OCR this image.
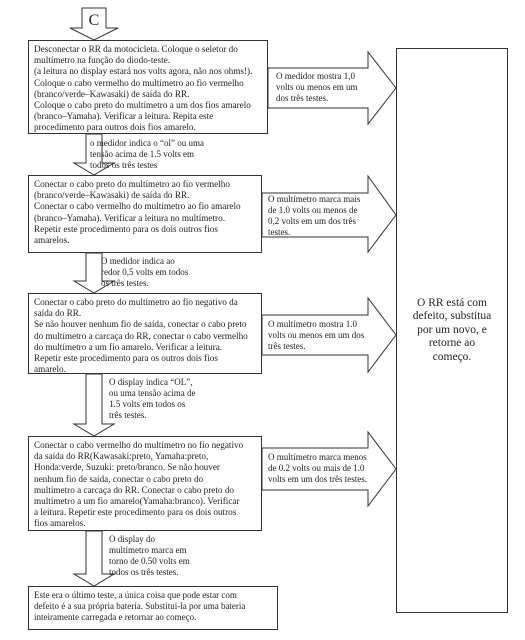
C
Desconectar o RR da motocicleta. Coloque o seletor do
multímetro na função do diodo-teste.
(a leitura no display estará nos volts agora, não nos ohms!).
Coloque o cabo vermelho do multímetro ao fio vermelho
(branco/verde–Kawasaki) de saída do RR.
Coloque o cabo preto do multímetro a um dos fios amarelo
(branco–Yamaha). Verificar a leitura. Repita este
procedimento para outros dois fios amarelo.
Conectar o cabo preto do multímetro ao fio vermelho
(branco/verde–Kawasaki) de saída do RR.
Conectar o cabo vermelho do multímetro ao fio amarelo
(branco–Yamaha). Verificar a leitura no multímetro.
Repetir este procedimento para os dois outros fios
amarelos.
Conectar o cabo preto do multímetro ao fio negativo da
saída do RR.
Se não houver nenhum fio de saída, conectar o cabo preto
do multímetro a carcaça do RR, conectar o cabo vermelho
do multímetro a um fio amarelo. Verificar a leitura.
Repetir este procedimento para os outros dois fios
amarelo.
Conectar o cabo vermelho do multímetro no fio negativo
da saída do RR(Kawasaki:preto, Yamaha:preto,
Honda:verde, Suzuki: preto/branco. Se não houver
nenhum fio de saída, conectar o cabo preto do
multímetro a carcaça do RR. Conectar o cabo preto do
multímetro a um fio amarelo(Yamaha:branco). Verificar
a leitura. Repetir este procedimento para os dois outros
fios amarelos.
o medidor indica o “ol” ou uma
tensão acima de 1.5 volts em
todos os três testes
O medidor indica ao
redor 0,5 volts em todos
os três testes.
O display indica “OL”,
ou uma tensão acima de
1.5 volts em todos os
três testes.
O display do
multímetro marca em
torno de 0.50 volts em
todos os três testes.
O medidor mostra 1,0
volts ou menos em um
dos três testes.
O multímetro marca mais
de 1.0 volts ou menos de
0,2 volts em um dos três
testes.
O multímetro mostra 1.0
volts ou menos em um dos
três testes.
O multímetro marca menos
de 0.2 volts ou mais de 1.0
volts em um dos três testes.
O RR está com
defeito, substitua
por um novo, e
retorne ao
começo.
Este era o último teste, a única coisa que pode estar com
defeito é a sua própria bateria. Substitui-la por uma bateria
inteiramente carregada e retornar ao começo.
